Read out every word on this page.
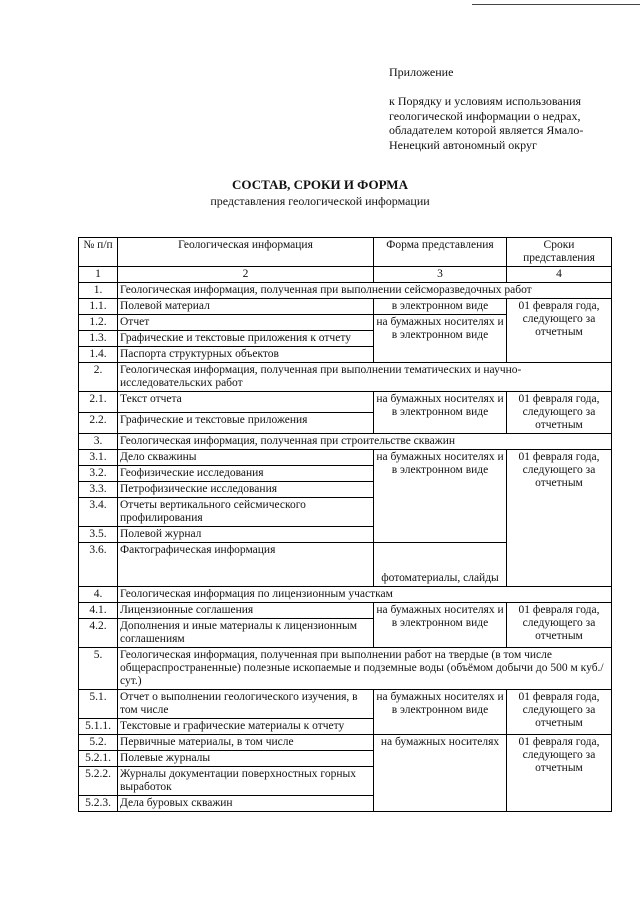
Приложение
к Порядку и условиям использования геологической информации о недрах, обладателем которой является Ямало-Ненецкий автономный округ
СОСТАВ, СРОКИ И ФОРМА
представления геологической информации
№ п/п	Геологическая информация	Форма представления	Сроки представления
1	2	3	4
1.	Геологическая информация, полученная при выполнении сейсморазведочных работ		
1.1.	Полевой материал	в электронном виде	01 февраля года, следующего за отчетным
1.2.	Отчет	на бумажных носителях и в электронном виде	
1.3.	Графические и текстовые приложения к отчету		
1.4.	Паспорта структурных объектов		
2.	Геологическая информация, полученная при выполнении тематических и научно-исследовательских работ		
2.1.	Текст отчета	на бумажных носителях и в электронном виде	01 февраля года, следующего за отчетным
2.2.	Графические и текстовые приложения		
3.	Геологическая информация, полученная при строительстве скважин		
3.1.	Дело скважины	на бумажных носителях и в электронном виде	01 февраля года, следующего за отчетным
3.2.	Геофизические исследования		
3.3.	Петрофизические исследования		
3.4.	Отчеты вертикального сейсмического профилирования		
3.5.	Полевой журнал		
3.6.	Фактографическая информация	фотоматериалы, слайды	
4.	Геологическая информация по лицензионным участкам		
4.1.	Лицензионные соглашения	на бумажных носителях и в электронном виде	01 февраля года, следующего за отчетным
4.2.	Дополнения и иные материалы к лицензионным соглашениям		
5.	Геологическая информация, полученная при выполнении работ на твердые (в том числе общераспространенные) полезные ископаемые и подземные воды (объёмом добычи до 500 м куб./сут.)		
5.1.	Отчет о выполнении геологического изучения, в том числе	на бумажных носителях и в электронном виде	01 февраля года, следующего за отчетным
5.1.1.	Текстовые и графические материалы к отчету		
5.2.	Первичные материалы, в том числе	на бумажных носителях	01 февраля года, следующего за отчетным
5.2.1.	Полевые журналы		
5.2.2.	Журналы документации поверхностных горных выработок		
5.2.3.	Дела буровых скважин		
